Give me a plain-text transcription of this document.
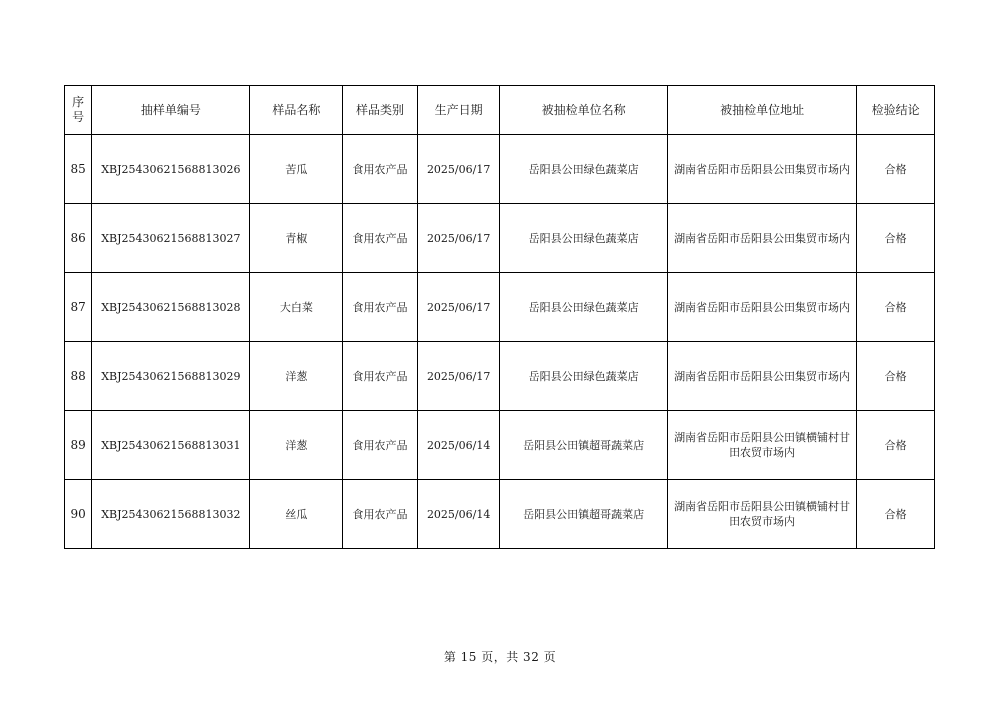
序号	抽样单编号	样品名称	样品类别	生产日期	被抽检单位名称	被抽检单位地址	检验结论
85	XBJ25430621568813026	苦瓜	食用农产品	2025/06/17	岳阳县公田绿色蔬菜店	湖南省岳阳市岳阳县公田集贸市场内	合格
86	XBJ25430621568813027	青椒	食用农产品	2025/06/17	岳阳县公田绿色蔬菜店	湖南省岳阳市岳阳县公田集贸市场内	合格
87	XBJ25430621568813028	大白菜	食用农产品	2025/06/17	岳阳县公田绿色蔬菜店	湖南省岳阳市岳阳县公田集贸市场内	合格
88	XBJ25430621568813029	洋葱	食用农产品	2025/06/17	岳阳县公田绿色蔬菜店	湖南省岳阳市岳阳县公田集贸市场内	合格
89	XBJ25430621568813031	洋葱	食用农产品	2025/06/14	岳阳县公田镇超哥蔬菜店	湖南省岳阳市岳阳县公田镇横铺村甘田农贸市场内	合格
90	XBJ25430621568813032	丝瓜	食用农产品	2025/06/14	岳阳县公田镇超哥蔬菜店	湖南省岳阳市岳阳县公田镇横铺村甘田农贸市场内	合格
第 15 页，共 32 页
